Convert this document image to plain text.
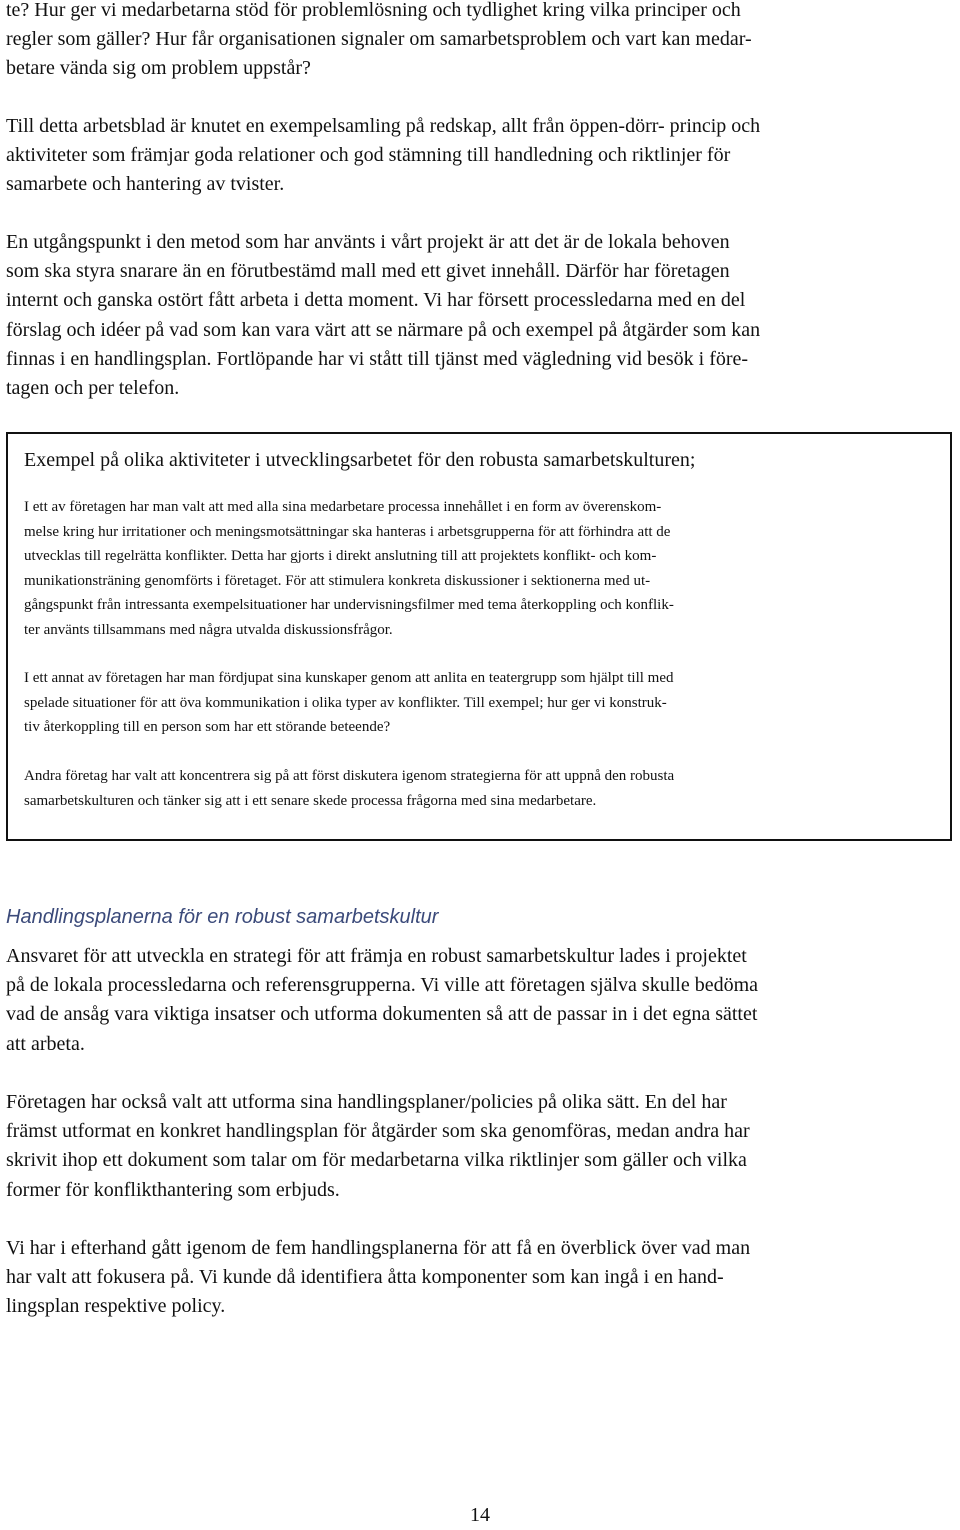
te? Hur ger vi medarbetarna stöd för problemlösning och tydlighet kring vilka principer och
regler som gäller? Hur får organisationen signaler om samarbetsproblem och vart kan medar-
betare vända sig om problem uppstår?

Till detta arbetsblad är knutet en exempelsamling på redskap, allt från öppen-dörr- princip och
aktiviteter som främjar goda relationer och god stämning till handledning och riktlinjer för
samarbete och hantering av tvister.

En utgångspunkt i den metod som har använts i vårt projekt är att det är de lokala behoven
som ska styra snarare än en förutbestämd mall med ett givet innehåll. Därför har företagen
internt och ganska ostört fått arbeta i detta moment. Vi har försett processledarna med en del
förslag och idéer på vad som kan vara värt att se närmare på och exempel på åtgärder som kan
finnas i en handlingsplan. Fortlöpande har vi stått till tjänst med vägledning vid besök i före-
tagen och per telefon.

Exempel på olika aktiviteter i utvecklingsarbetet för den robusta samarbetskulturen;

I ett av företagen har man valt att med alla sina medarbetare processa innehållet i en form av överenskom-
melse kring hur irritationer och meningsmotsättningar ska hanteras i arbetsgrupperna för att förhindra att de
utvecklas till regelrätta konflikter. Detta har gjorts i direkt anslutning till att projektets konflikt- och kom-
munikationsträning genomförts i företaget. För att stimulera konkreta diskussioner i sektionerna med ut-
gångspunkt från intressanta exempelsituationer har undervisningsfilmer med tema återkoppling och konflik-
ter använts tillsammans med några utvalda diskussionsfrågor.

I ett annat av företagen har man fördjupat sina kunskaper genom att anlita en teatergrupp som hjälpt till med
spelade situationer för att öva kommunikation i olika typer av konflikter. Till exempel; hur ger vi konstruk-
tiv återkoppling till en person som har ett störande beteende?

Andra företag har valt att koncentrera sig på att först diskutera igenom strategierna för att uppnå den robusta
samarbetskulturen och tänker sig att i ett senare skede processa frågorna med sina medarbetare.

Handlingsplanerna för en robust samarbetskultur

Ansvaret för att utveckla en strategi för att främja en robust samarbetskultur lades i projektet
på de lokala processledarna och referensgrupperna. Vi ville att företagen själva skulle bedöma
vad de ansåg vara viktiga insatser och utforma dokumenten så att de passar in i det egna sättet
att arbeta.

Företagen har också valt att utforma sina handlingsplaner/policies på olika sätt. En del har
främst utformat en konkret handlingsplan för åtgärder som ska genomföras, medan andra har
skrivit ihop ett dokument som talar om för medarbetarna vilka riktlinjer som gäller och vilka
former för konflikthantering som erbjuds.

Vi har i efterhand gått igenom de fem handlingsplanerna för att få en överblick över vad man
har valt att fokusera på. Vi kunde då identifiera åtta komponenter som kan ingå i en hand-
lingsplan respektive policy.

14
